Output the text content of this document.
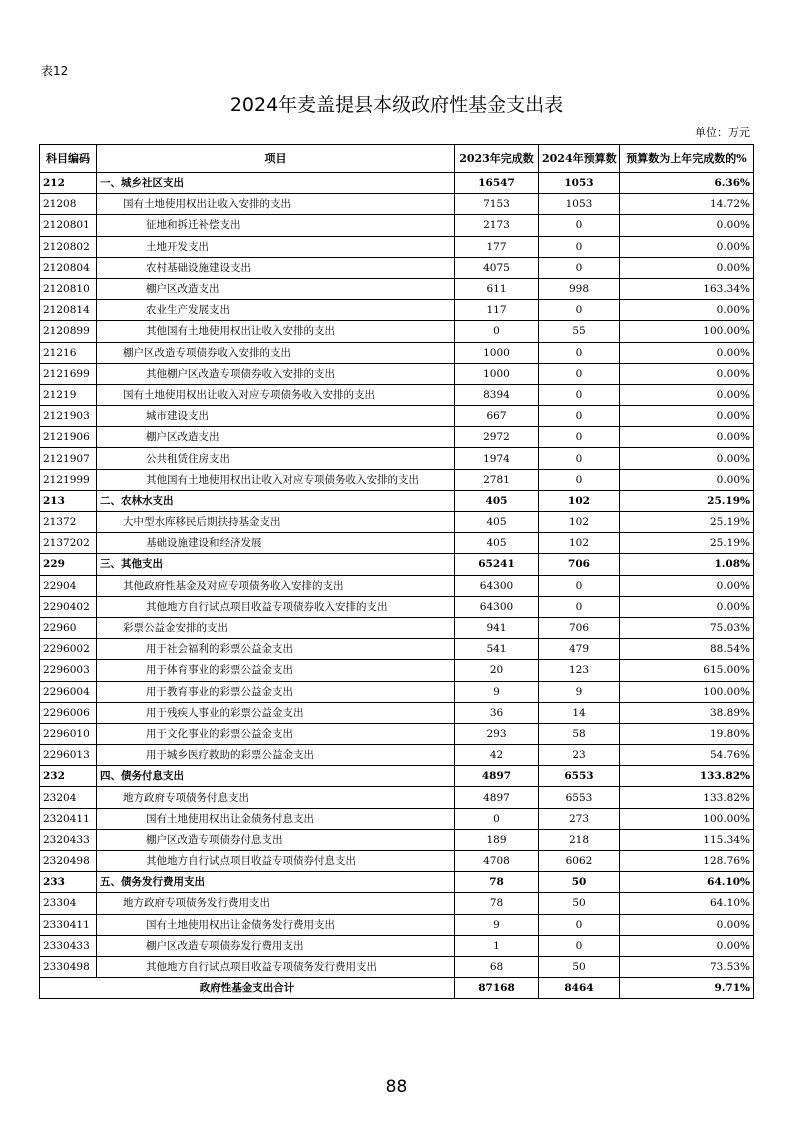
表12
2024年麦盖提县本级政府性基金支出表
单位：万元
科目编码	项目	2023年完成数	2024年预算数	预算数为上年完成数的%
212	一、城乡社区支出	16547	1053	6.36%
21208	国有土地使用权出让收入安排的支出	7153	1053	14.72%
2120801	征地和拆迁补偿支出	2173	0	0.00%
2120802	土地开发支出	177	0	0.00%
2120804	农村基础设施建设支出	4075	0	0.00%
2120810	棚户区改造支出	611	998	163.34%
2120814	农业生产发展支出	117	0	0.00%
2120899	其他国有土地使用权出让收入安排的支出	0	55	100.00%
21216	棚户区改造专项债券收入安排的支出	1000	0	0.00%
2121699	其他棚户区改造专项债券收入安排的支出	1000	0	0.00%
21219	国有土地使用权出让收入对应专项债务收入安排的支出	8394	0	0.00%
2121903	城市建设支出	667	0	0.00%
2121906	棚户区改造支出	2972	0	0.00%
2121907	公共租赁住房支出	1974	0	0.00%
2121999	其他国有土地使用权出让收入对应专项债务收入安排的支出	2781	0	0.00%
213	二、农林水支出	405	102	25.19%
21372	大中型水库移民后期扶持基金支出	405	102	25.19%
2137202	基础设施建设和经济发展	405	102	25.19%
229	三、其他支出	65241	706	1.08%
22904	其他政府性基金及对应专项债务收入安排的支出	64300	0	0.00%
2290402	其他地方自行试点项目收益专项债券收入安排的支出	64300	0	0.00%
22960	彩票公益金安排的支出	941	706	75.03%
2296002	用于社会福利的彩票公益金支出	541	479	88.54%
2296003	用于体育事业的彩票公益金支出	20	123	615.00%
2296004	用于教育事业的彩票公益金支出	9	9	100.00%
2296006	用于残疾人事业的彩票公益金支出	36	14	38.89%
2296010	用于文化事业的彩票公益金支出	293	58	19.80%
2296013	用于城乡医疗救助的彩票公益金支出	42	23	54.76%
232	四、债务付息支出	4897	6553	133.82%
23204	地方政府专项债务付息支出	4897	6553	133.82%
2320411	国有土地使用权出让金债务付息支出	0	273	100.00%
2320433	棚户区改造专项债券付息支出	189	218	115.34%
2320498	其他地方自行试点项目收益专项债券付息支出	4708	6062	128.76%
233	五、债务发行费用支出	78	50	64.10%
23304	地方政府专项债务发行费用支出	78	50	64.10%
2330411	国有土地使用权出让金债务发行费用支出	9	0	0.00%
2330433	棚户区改造专项债券发行费用支出	1	0	0.00%
2330498	其他地方自行试点项目收益专项债务发行费用支出	68	50	73.53%
政府性基金支出合计		87168	8464	9.71%
88
